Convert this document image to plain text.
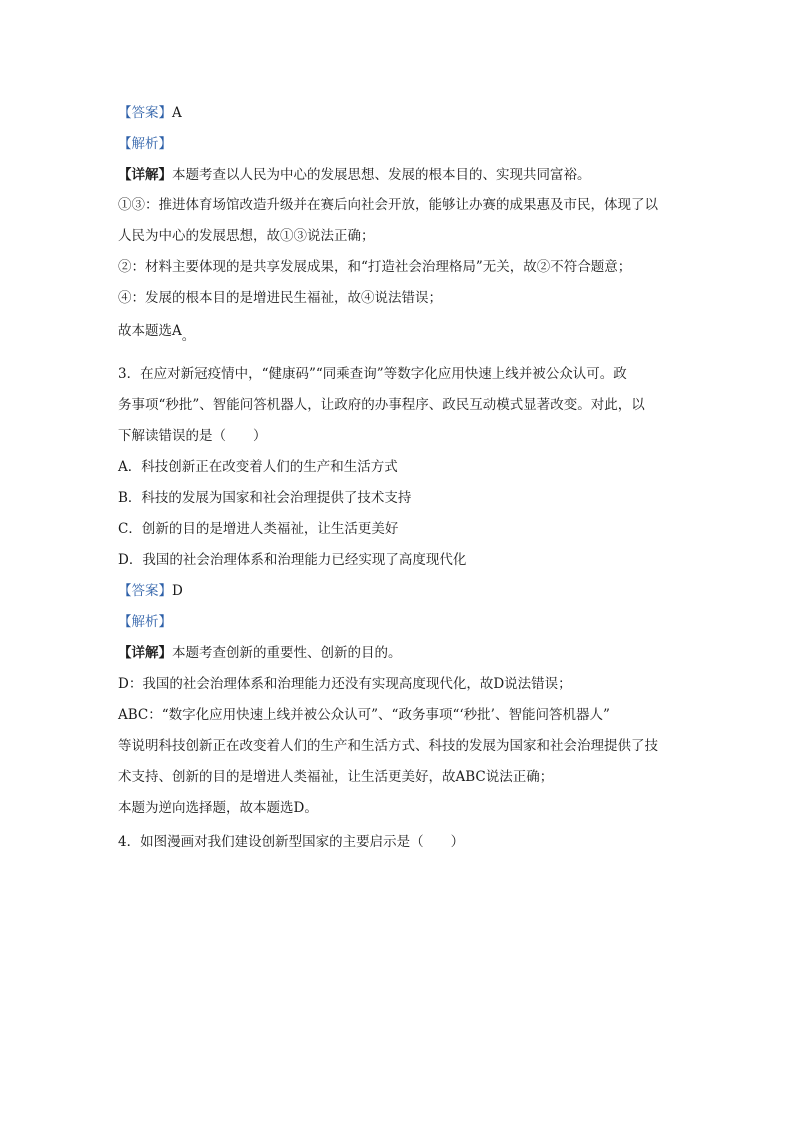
【答案】A
【解析】
【详解】本题考查以人民为中心的发展思想、发展的根本目的、实现共同富裕。
①③：推进体育场馆改造升级并在赛后向社会开放，能够让办赛的成果惠及市民，体现了以
人民为中心的发展思想，故①③说法正确；
②：材料主要体现的是共享发展成果，和“打造社会治理格局”无关，故②不符合题意；
④：发展的根本目的是增进民生福祉，故④说法错误；
故本题选A。
3．在应对新冠疫情中，“健康码”“同乘查询”等数字化应用快速上线并被公众认可。政
务事项“秒批”、智能问答机器人，让政府的办事程序、政民互动模式显著改变。对此，以
下解读错误的是（　　）
A．科技创新正在改变着人们的生产和生活方式
B．科技的发展为国家和社会治理提供了技术支持
C．创新的目的是增进人类福祉，让生活更美好
D．我国的社会治理体系和治理能力已经实现了高度现代化
【答案】D
【解析】
【详解】本题考查创新的重要性、创新的目的。
D：我国的社会治理体系和治理能力还没有实现高度现代化，故D说法错误；
ABC：“数字化应用快速上线并被公众认可”、“政务事项“‘秒批’、智能问答机器人”
等说明科技创新正在改变着人们的生产和生活方式、科技的发展为国家和社会治理提供了技
术支持、创新的目的是增进人类福祉，让生活更美好，故ABC说法正确；
本题为逆向选择题，故本题选D。
4．如图漫画对我们建设创新型国家的主要启示是（　　）
